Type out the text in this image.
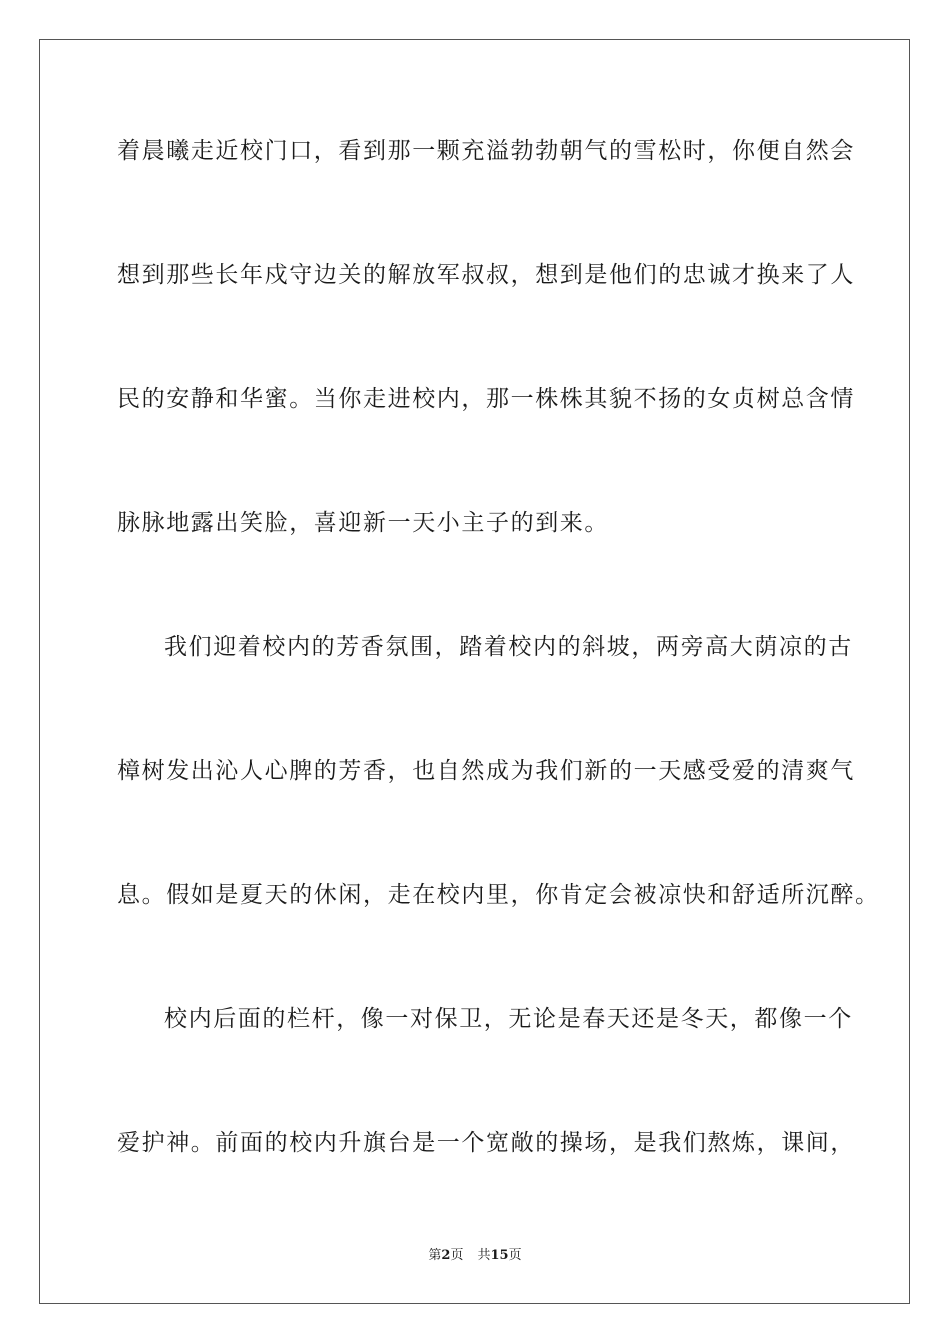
着晨曦走近校门口，看到那一颗充溢勃勃朝气的雪松时，你便自然会
想到那些长年戍守边关的解放军叔叔，想到是他们的忠诚才换来了人
民的安静和华蜜。当你走进校内，那一株株其貌不扬的女贞树总含情
脉脉地露出笑脸，喜迎新一天小主子的到来。
我们迎着校内的芳香氛围，踏着校内的斜坡，两旁高大荫凉的古
樟树发出沁人心脾的芳香，也自然成为我们新的一天感受爱的清爽气
息。假如是夏天的休闲，走在校内里，你肯定会被凉快和舒适所沉醉。
校内后面的栏杆，像一对保卫，无论是春天还是冬天，都像一个
爱护神。前面的校内升旗台是一个宽敞的操场，是我们熬炼，课间，
第2页 共15页
